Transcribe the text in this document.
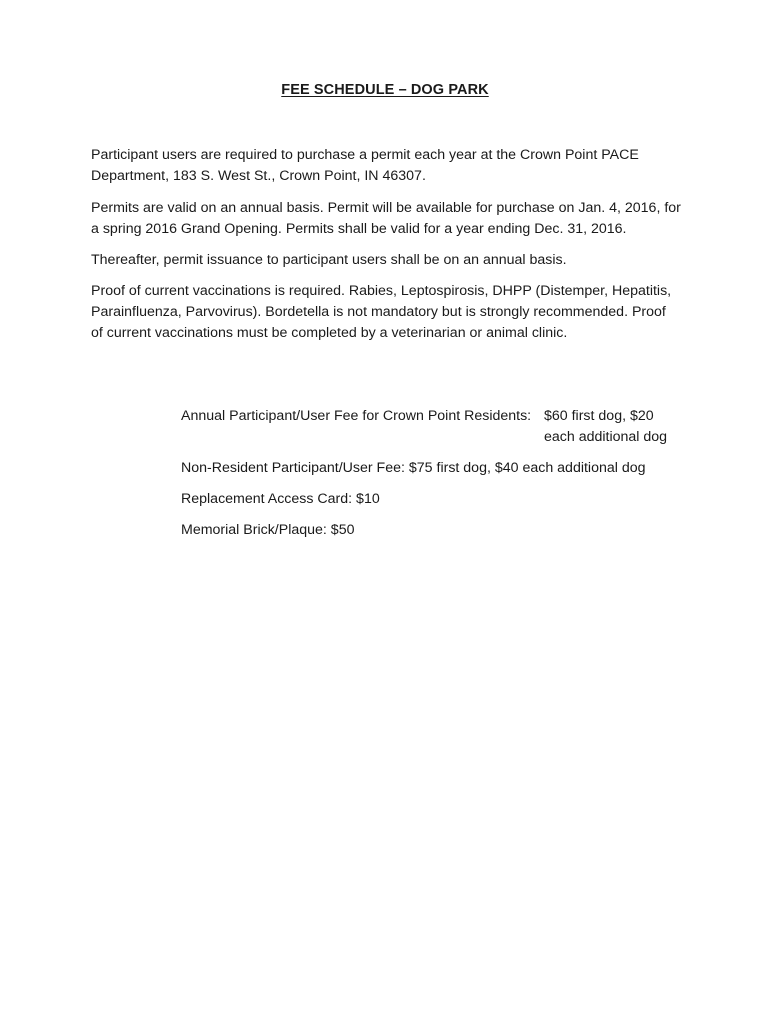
FEE SCHEDULE – DOG PARK

Participant users are required to purchase a permit each year at the Crown Point PACE Department, 183 S. West St., Crown Point, IN 46307.

Permits are valid on an annual basis. Permit will be available for purchase on Jan. 4, 2016, for a spring 2016 Grand Opening. Permits shall be valid for a year ending Dec. 31, 2016.

Thereafter, permit issuance to participant users shall be on an annual basis.

Proof of current vaccinations is required. Rabies, Leptospirosis, DHPP (Distemper, Hepatitis, Parainfluenza, Parvovirus). Bordetella is not mandatory but is strongly recommended. Proof of current vaccinations must be completed by a veterinarian or animal clinic.

Annual Participant/User Fee for Crown Point Residents: $60 first dog, $20 each additional dog
Non-Resident Participant/User Fee: $75 first dog, $40 each additional dog
Replacement Access Card: $10
Memorial Brick/Plaque: $50
